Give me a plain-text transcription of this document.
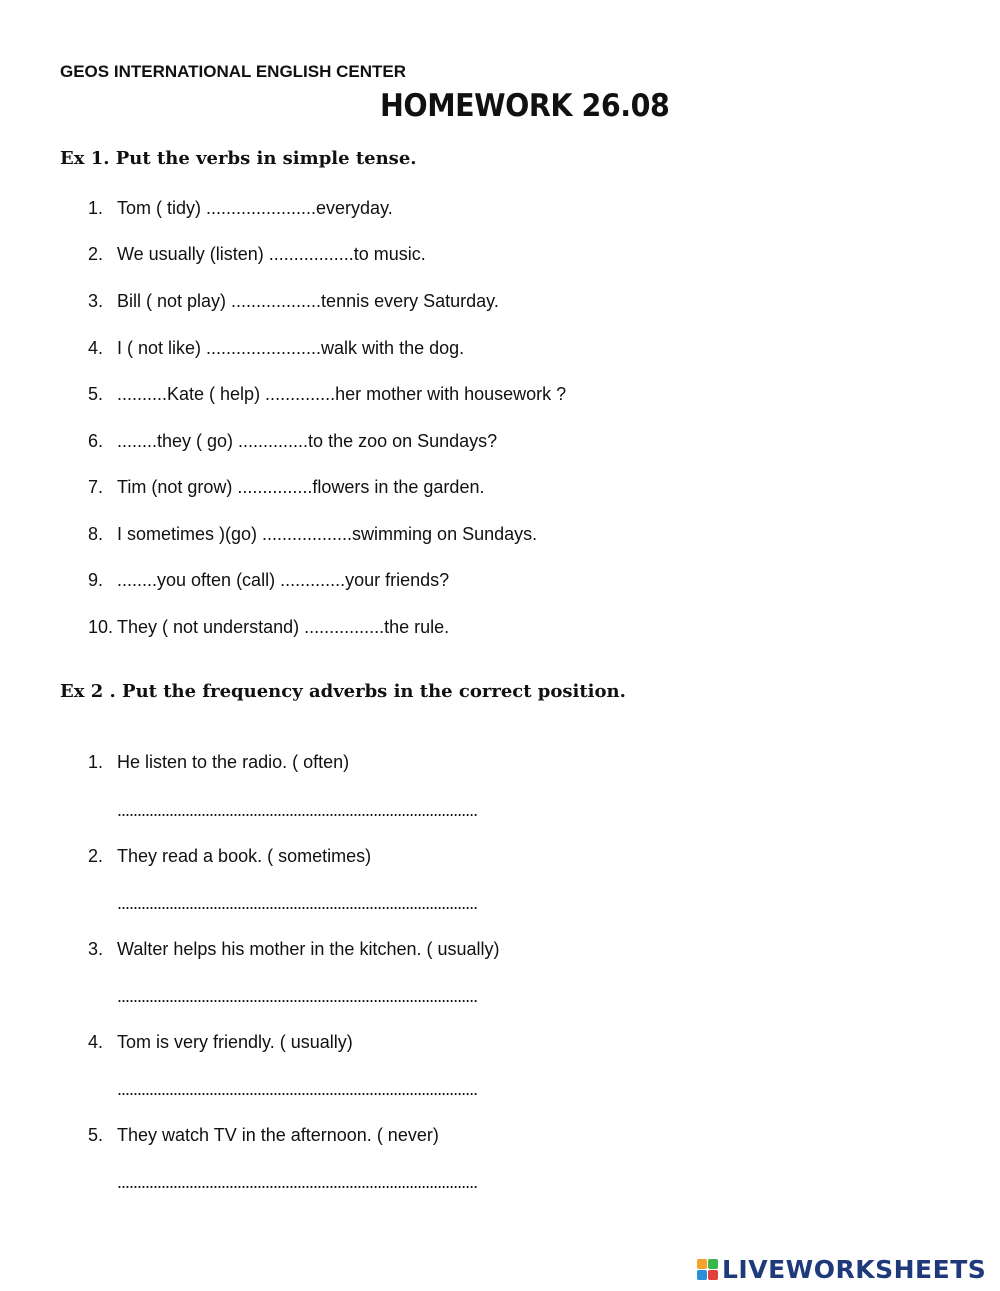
GEOS INTERNATIONAL ENGLISH CENTER
HOMEWORK 26.08
Ex 1. Put the verbs in simple tense.
1. Tom ( tidy) ......................everyday.
2. We usually (listen) .................to music.
3. Bill ( not play) ..................tennis every Saturday.
4. I ( not like) .......................walk with the dog.
5. ..........Kate ( help) ..............her mother with housework ?
6. ........they ( go) ..............to the zoo on Sundays?
7. Tim (not grow) ...............flowers in the garden.
8. I sometimes )(go) ..................swimming on Sundays.
9. ........you often (call) .............your friends?
10. They ( not understand) ................the rule.
Ex 2 . Put the frequency adverbs in the correct position.
1. He listen to the radio. ( often)
..........................................................................................
2. They read a book. ( sometimes)
..........................................................................................
3. Walter helps his mother in the kitchen. ( usually)
..........................................................................................
4. Tom is very friendly. ( usually)
..........................................................................................
5. They watch TV in the afternoon. ( never)
..........................................................................................
LIVEWORKSHEETS
